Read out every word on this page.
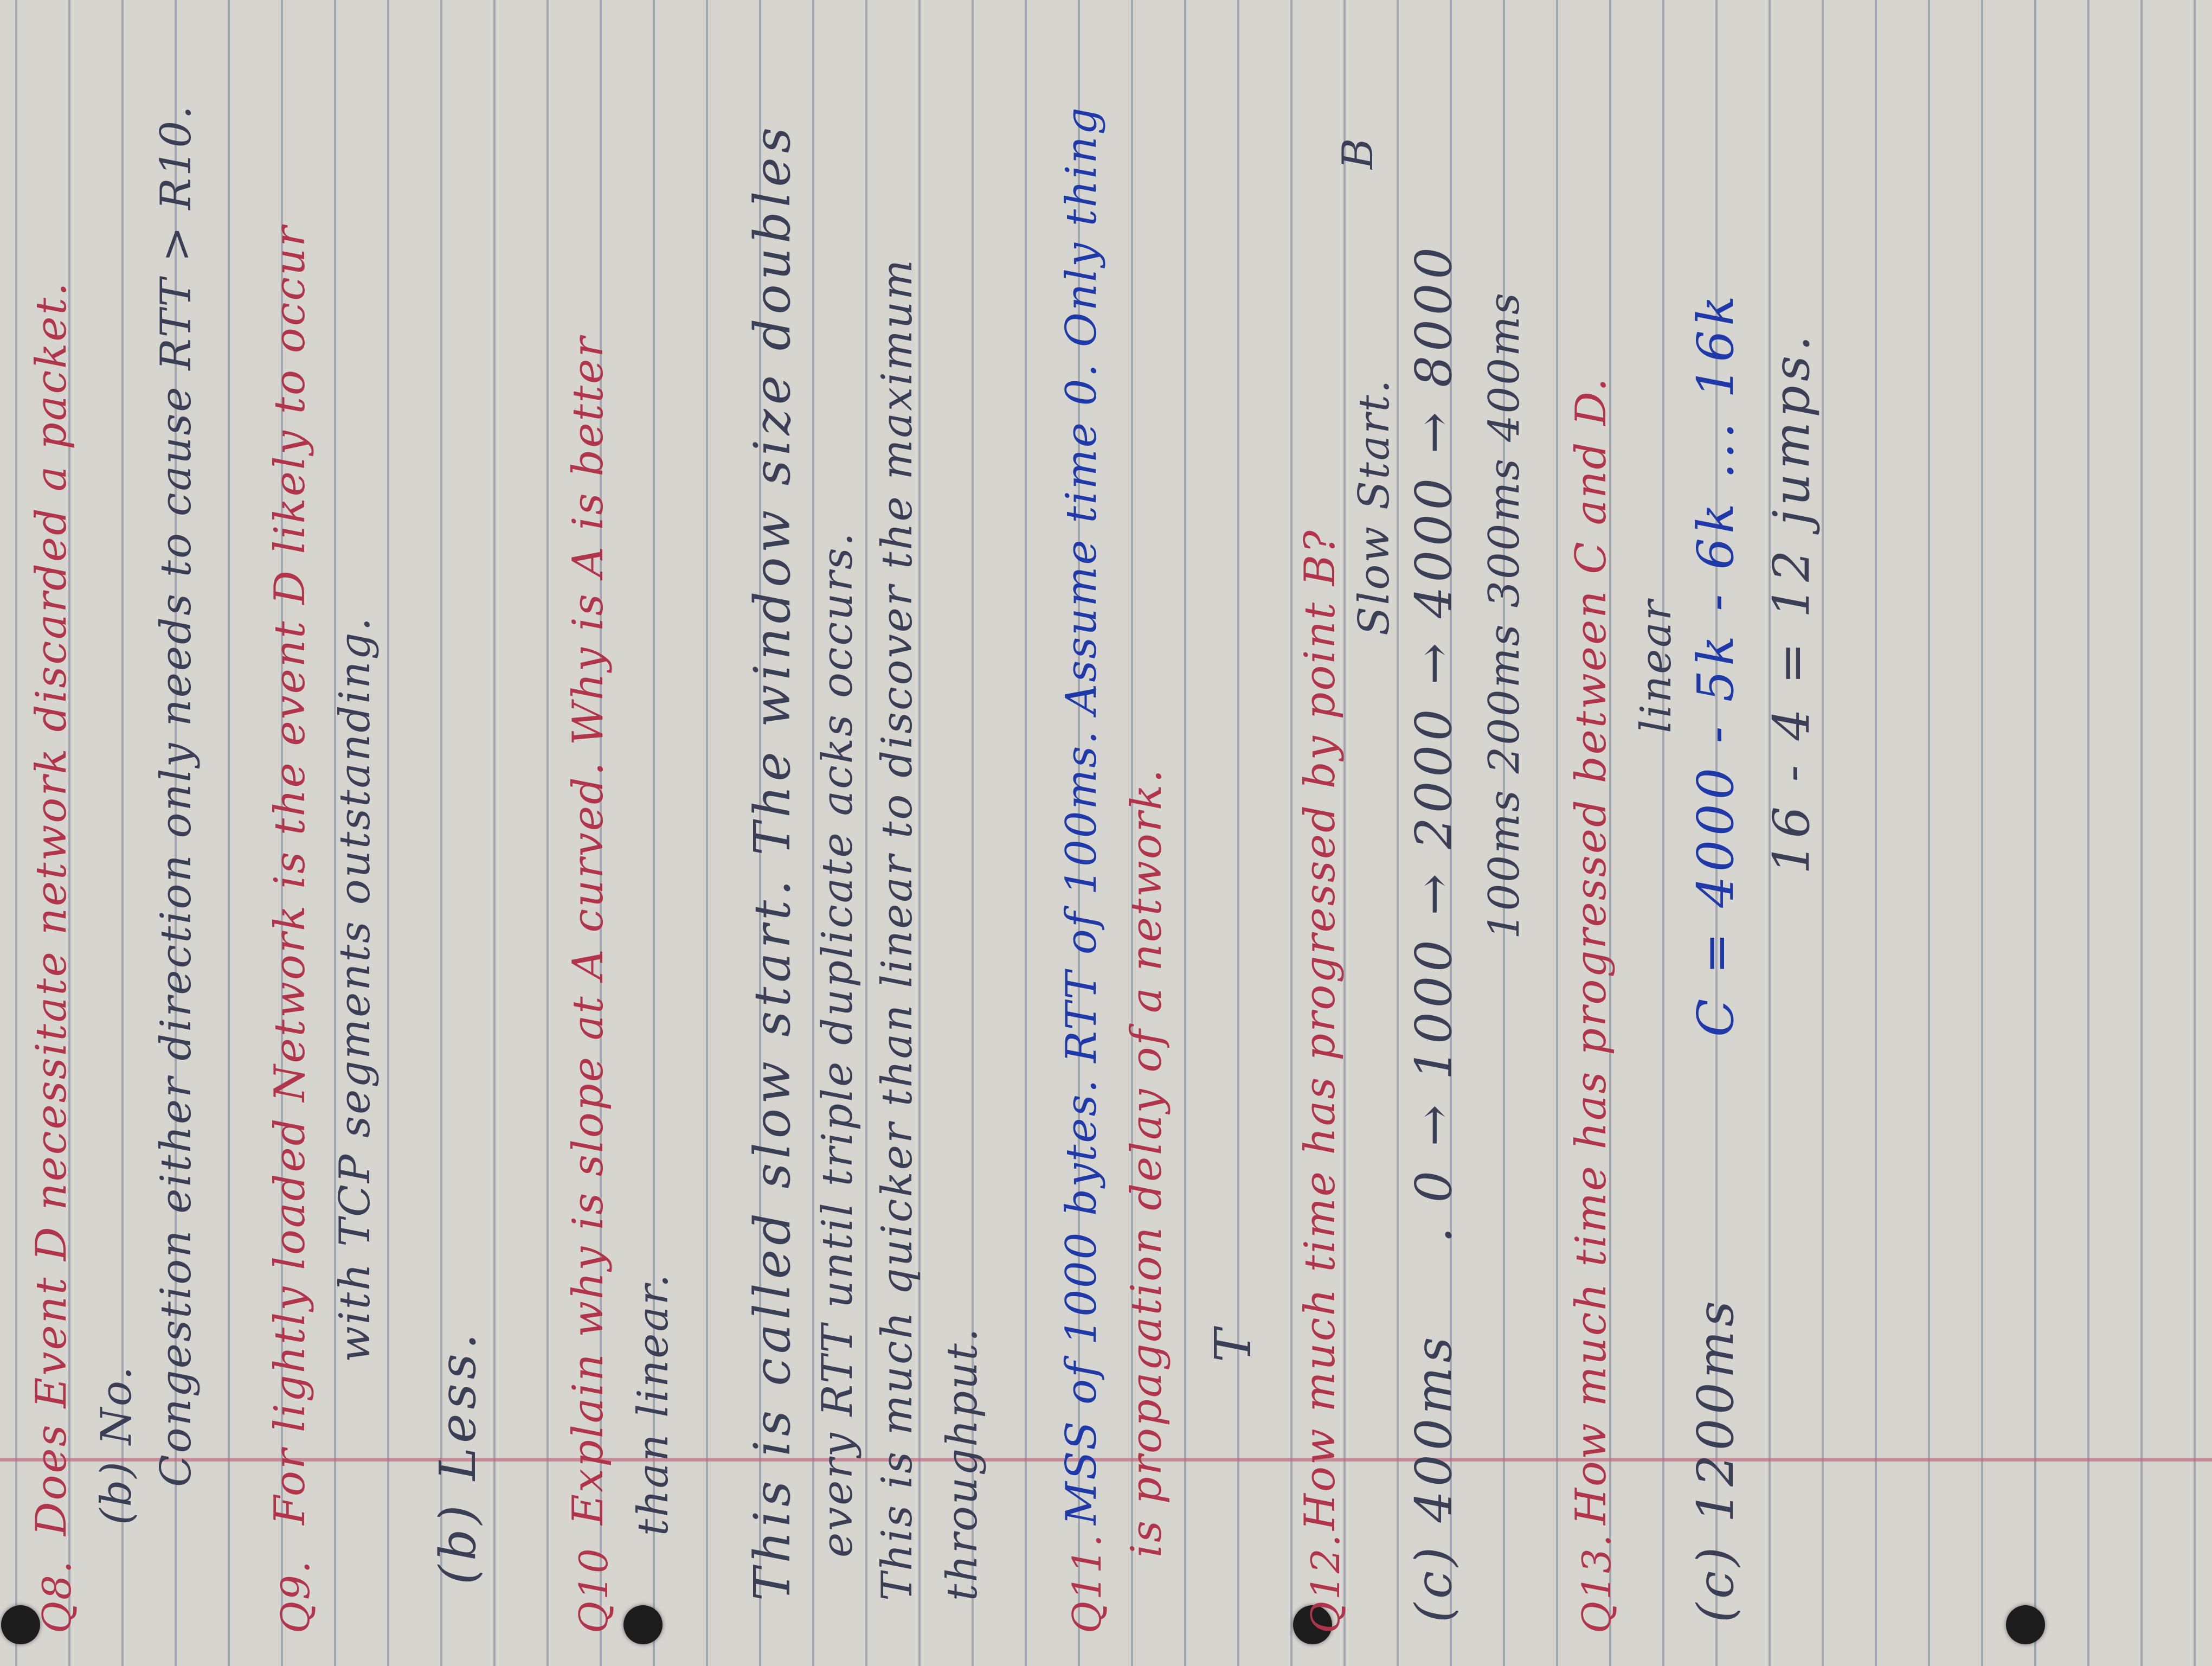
Q8.
Does Event D necessitate network discarded a packet. (b) No. Congestion either direction only needs to cause RTT > R10.
Q9.
For lightly loaded Network is the event D likely to occur with TCP segments outstanding.
(b) Less.
Q10
Explain why is slope at A curved. Why is A is better than linear. This is called slow start. The window size doubles every RTT until triple duplicate acks occurs. This is much quicker than linear to discover the maximum throughput. Q11.
MSS of 1000 bytes. RTT of 100ms. Assume time 0. Only thing is propagation delay of a network. T
Q12.
How much time has progressed by point B?
Slow Start.
B
(c) 400ms
. 0 → 1000 → 2000 → 4000 → 8000 100ms 200ms 300ms 400ms
Q13.
How much time has progressed between C and D. linear
(c) 1200ms
C = 4000 - 5k - 6k ... 16k 16 - 4 = 12 jumps.
